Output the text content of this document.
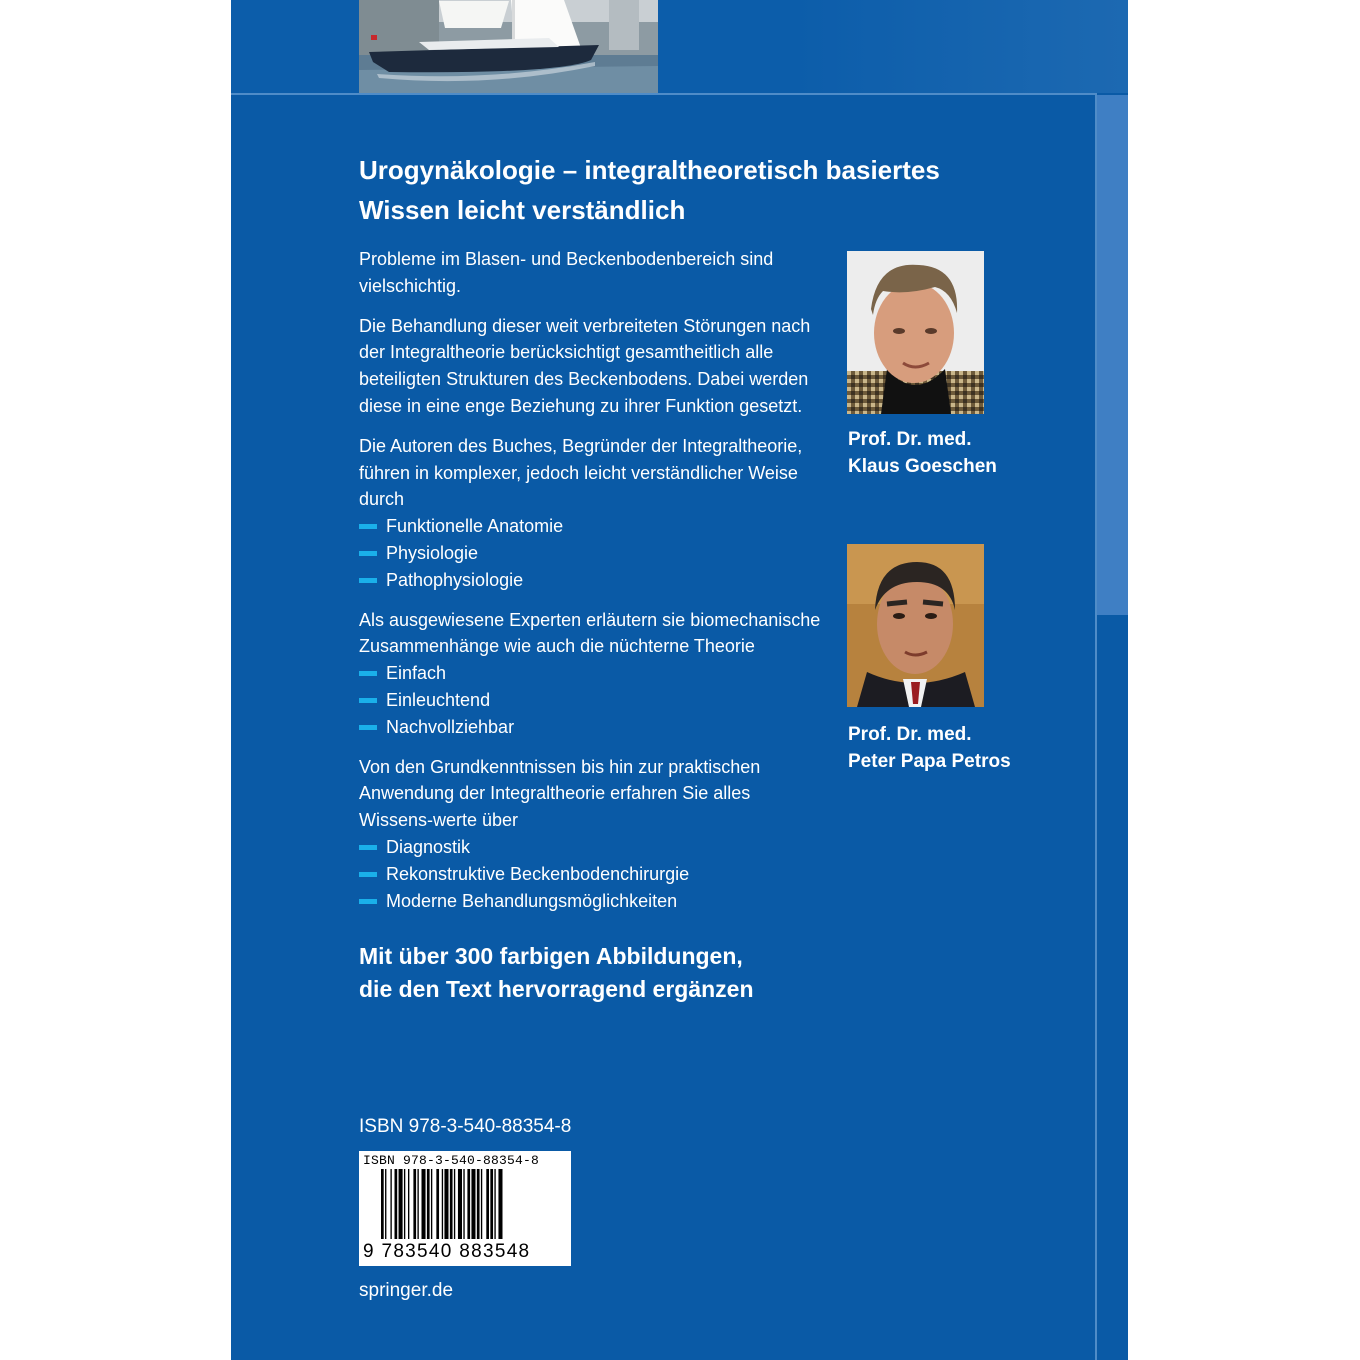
Urogynäkologie – integraltheoretisch basiertes
Wissen leicht verständlich

Probleme im Blasen- und Beckenbodenbereich sind vielschichtig.

Die Behandlung dieser weit verbreiteten Störungen nach der Integraltheorie berücksichtigt gesamtheitlich alle beteiligten Strukturen des Beckenbodens. Dabei werden diese in eine enge Beziehung zu ihrer Funktion gesetzt.

Die Autoren des Buches, Begründer der Integraltheorie, führen in komplexer, jedoch leicht verständlicher Weise durch

Funktionelle Anatomie
Physiologie
Pathophysiologie

Als ausgewiesene Experten erläutern sie biomechanische Zusammenhänge wie auch die nüchterne Theorie

Einfach
Einleuchtend
Nachvollziehbar

Von den Grundkenntnissen bis hin zur praktischen Anwendung der Integraltheorie erfahren Sie alles Wissens-werte über

Diagnostik
Rekonstruktive Beckenbodenchirurgie
Moderne Behandlungsmöglichkeiten
Mit über 300 farbigen Abbildungen,
die den Text hervorragend ergänzen
Prof. Dr. med.
Klaus Goeschen
Prof. Dr. med.
Peter Papa Petros
ISBN 978-3-540-88354-8
ISBN 978-3-540-88354-8
9 783540 883548
springer.de
